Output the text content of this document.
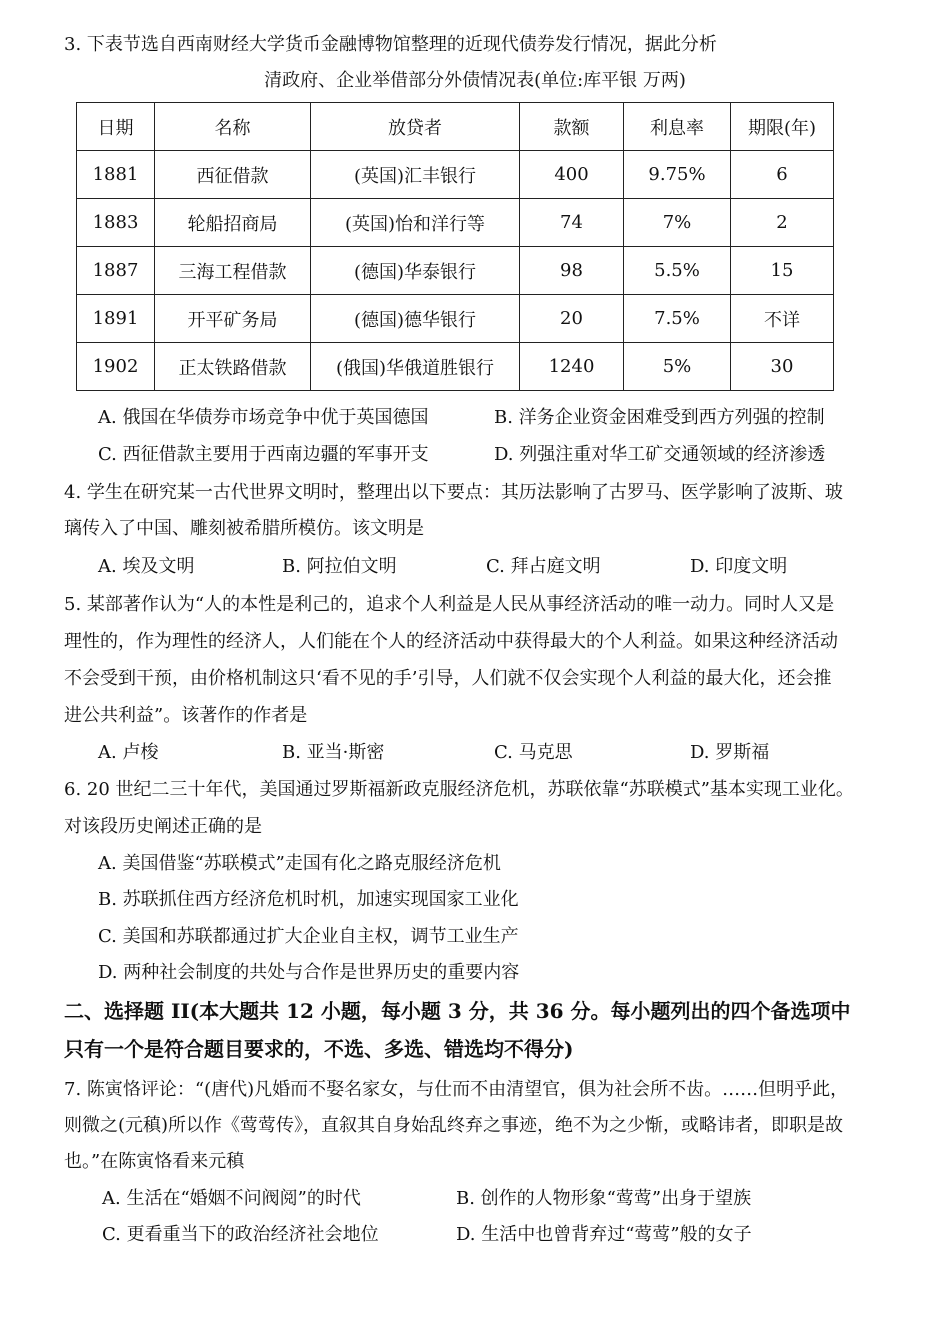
3. 下表节选自西南财经大学货币金融博物馆整理的近现代债券发行情况，据此分析
清政府、企业举借部分外债情况表(单位:库平银 万两)
日期	名称	放贷者	款额	利息率	期限(年)
1881	西征借款	(英国)汇丰银行	400	9.75%	6
1883	轮船招商局	(英国)怡和洋行等	74	7%	2
1887	三海工程借款	(德国)华泰银行	98	5.5%	15
1891	开平矿务局	(德国)德华银行	20	7.5%	不详
1902	正太铁路借款	(俄国)华俄道胜银行	1240	5%	30
A. 俄国在华债券市场竞争中优于英国德国	B. 洋务企业资金困难受到西方列强的控制
C. 西征借款主要用于西南边疆的军事开支	D. 列强注重对华工矿交通领域的经济渗透
4. 学生在研究某一古代世界文明时，整理出以下要点：其历法影响了古罗马、医学影响了波斯、玻
璃传入了中国、雕刻被希腊所模仿。该文明是
A. 埃及文明	B. 阿拉伯文明	C. 拜占庭文明	D. 印度文明
5. 某部著作认为“人的本性是利己的，追求个人利益是人民从事经济活动的唯一动力。同时人又是
理性的，作为理性的经济人，人们能在个人的经济活动中获得最大的个人利益。如果这种经济活动
不会受到干预，由价格机制这只‘看不见的手’引导，人们就不仅会实现个人利益的最大化，还会推
进公共利益”。该著作的作者是
A. 卢梭	B. 亚当·斯密	C. 马克思	D. 罗斯福
6. 20 世纪二三十年代，美国通过罗斯福新政克服经济危机，苏联依靠“苏联模式”基本实现工业化。
对该段历史阐述正确的是
A. 美国借鉴“苏联模式”走国有化之路克服经济危机
B. 苏联抓住西方经济危机时机，加速实现国家工业化
C. 美国和苏联都通过扩大企业自主权，调节工业生产
D. 两种社会制度的共处与合作是世界历史的重要内容
二、选择题 II(本大题共 12 小题，每小题 3 分，共 36 分。每小题列出的四个备选项中
只有一个是符合题目要求的，不选、多选、错选均不得分)
7. 陈寅恪评论：“(唐代)凡婚而不娶名家女，与仕而不由清望官，俱为社会所不齿。……但明乎此，
则微之(元稹)所以作《莺莺传》，直叙其自身始乱终弃之事迹，绝不为之少惭，或略讳者，即职是故
也。”在陈寅恪看来元稹
A. 生活在“婚姻不问阀阅”的时代	B. 创作的人物形象“莺莺”出身于望族
C. 更看重当下的政治经济社会地位	D. 生活中也曾背弃过“莺莺”般的女子
